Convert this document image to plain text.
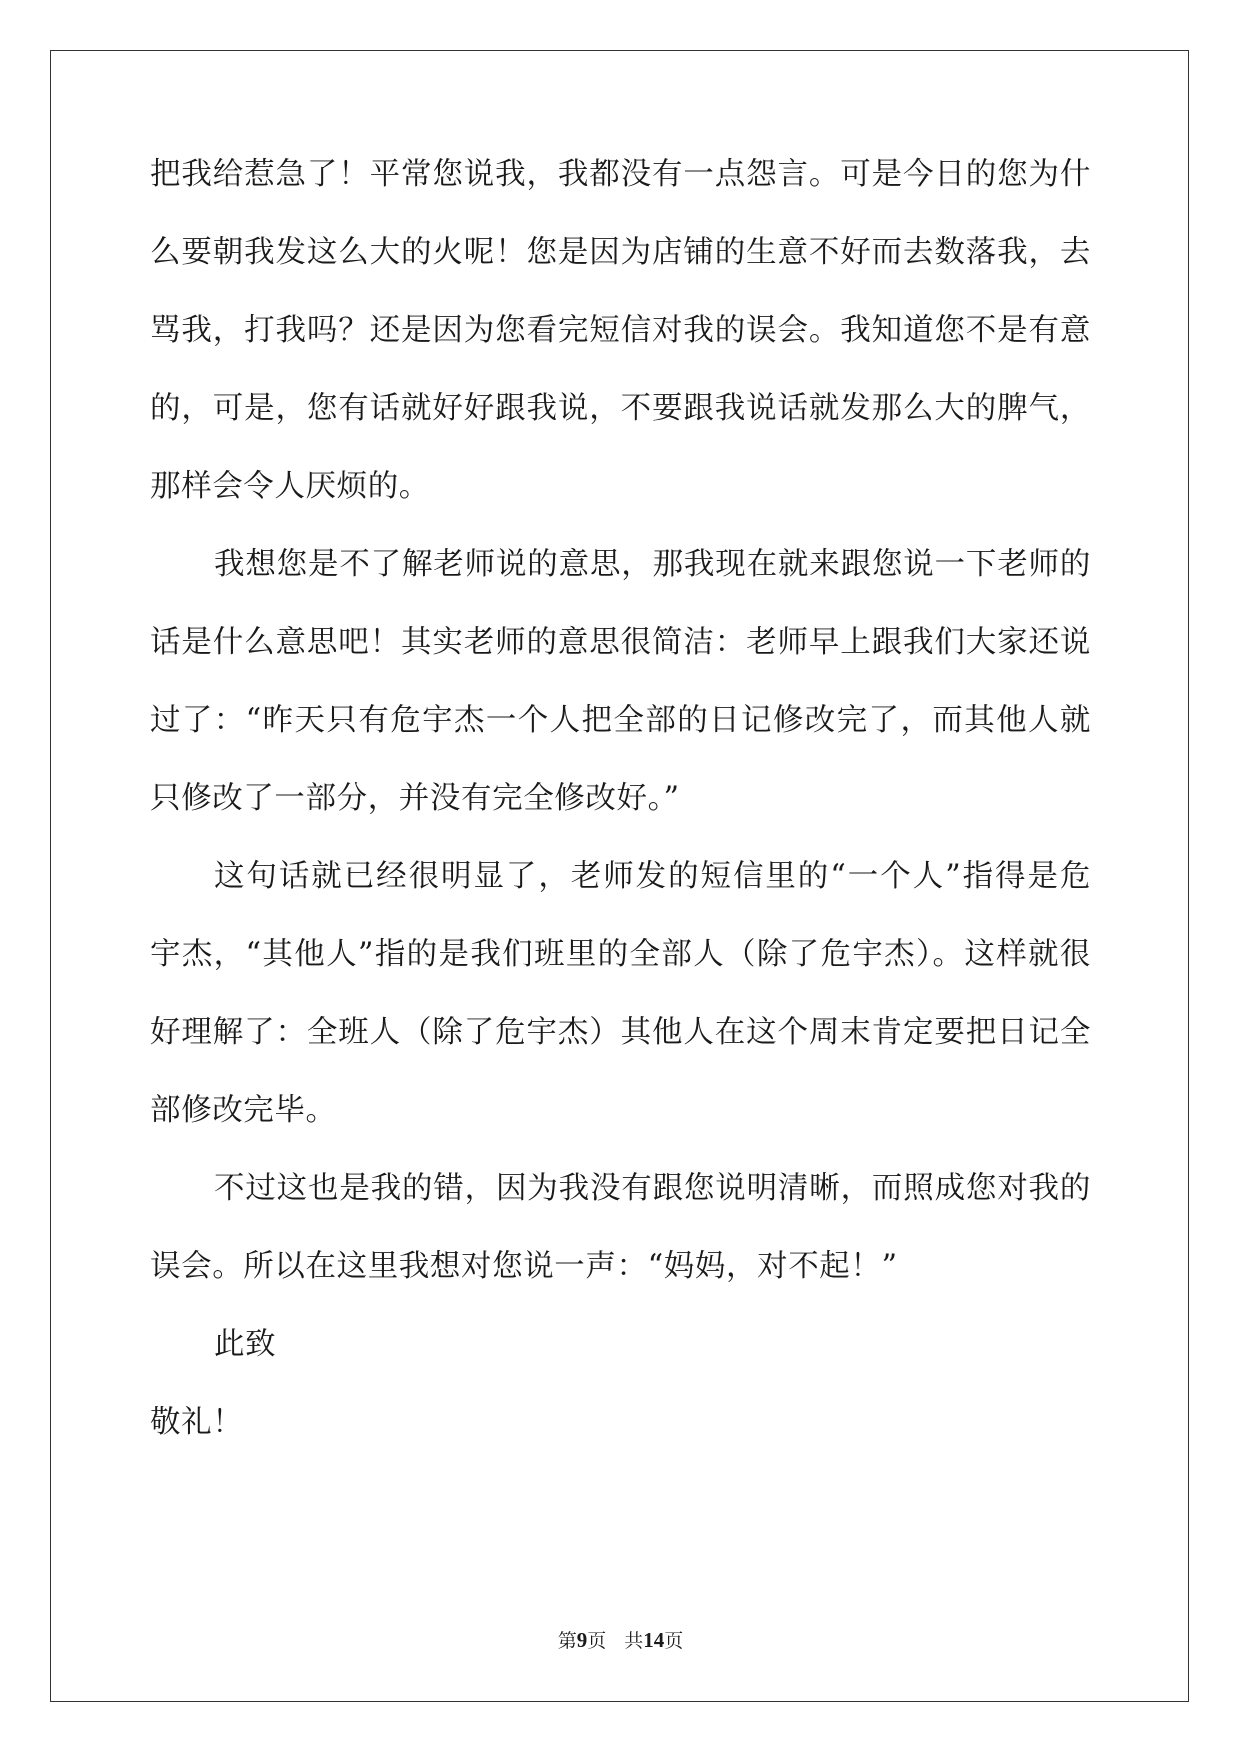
把我给惹急了！平常您说我，我都没有一点怨言。可是今日的您为什
么要朝我发这么大的火呢！您是因为店铺的生意不好而去数落我，去
骂我，打我吗？还是因为您看完短信对我的误会。我知道您不是有意
的，可是，您有话就好好跟我说，不要跟我说话就发那么大的脾气，
那样会令人厌烦的。
我想您是不了解老师说的意思，那我现在就来跟您说一下老师的
话是什么意思吧！其实老师的意思很简洁：老师早上跟我们大家还说
过了：“昨天只有危宇杰一个人把全部的日记修改完了，而其他人就
只修改了一部分，并没有完全修改好。”
这句话就已经很明显了，老师发的短信里的“一个人”指得是危
宇杰，“其他人”指的是我们班里的全部人（除了危宇杰）。这样就很
好理解了：全班人（除了危宇杰）其他人在这个周末肯定要把日记全
部修改完毕。
不过这也是我的错，因为我没有跟您说明清晰，而照成您对我的
误会。所以在这里我想对您说一声：“妈妈，对不起！”
此致
敬礼！
第9页 共14页
